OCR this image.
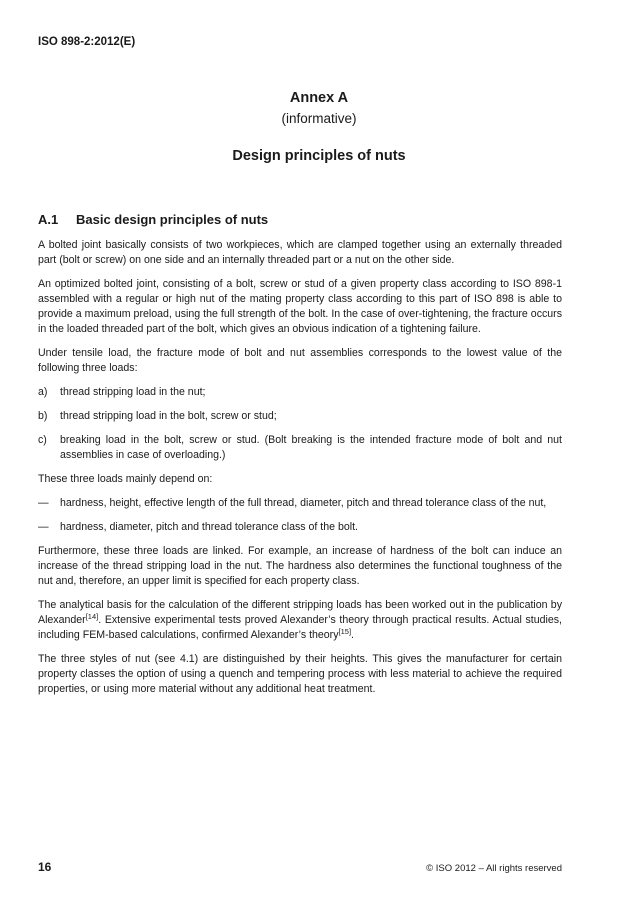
ISO 898-2:2012(E)
Annex A
(informative)
Design principles of nuts
A.1 Basic design principles of nuts

A bolted joint basically consists of two workpieces, which are clamped together using an externally threaded part (bolt or screw) on one side and an internally threaded part or a nut on the other side.

An optimized bolted joint, consisting of a bolt, screw or stud of a given property class according to ISO 898-1 assembled with a regular or high nut of the mating property class according to this part of ISO 898 is able to provide a maximum preload, using the full strength of the bolt. In the case of over-tightening, the fracture occurs in the loaded threaded part of the bolt, which gives an obvious indication of a tightening failure.

Under tensile load, the fracture mode of bolt and nut assemblies corresponds to the lowest value of the following three loads:

a)	thread stripping load in the nut;
b)	thread stripping load in the bolt, screw or stud;
c)	breaking load in the bolt, screw or stud. (Bolt breaking is the intended fracture mode of bolt and nut assemblies in case of overloading.)

These three loads mainly depend on:

—	hardness, height, effective length of the full thread, diameter, pitch and thread tolerance class of the nut,
—	hardness, diameter, pitch and thread tolerance class of the bolt.

Furthermore, these three loads are linked. For example, an increase of hardness of the bolt can induce an increase of the thread stripping load in the nut. The hardness also determines the functional toughness of the nut and, therefore, an upper limit is specified for each property class.

The analytical basis for the calculation of the different stripping loads has been worked out in the publication by Alexander[14]. Extensive experimental tests proved Alexander’s theory through practical results. Actual studies, including FEM-based calculations, confirmed Alexander’s theory[15].

The three styles of nut (see 4.1) are distinguished by their heights. This gives the manufacturer for certain property classes the option of using a quench and tempering process with less material to achieve the required properties, or using more material without any additional heat treatment.

16	© ISO 2012 – All rights reserved
